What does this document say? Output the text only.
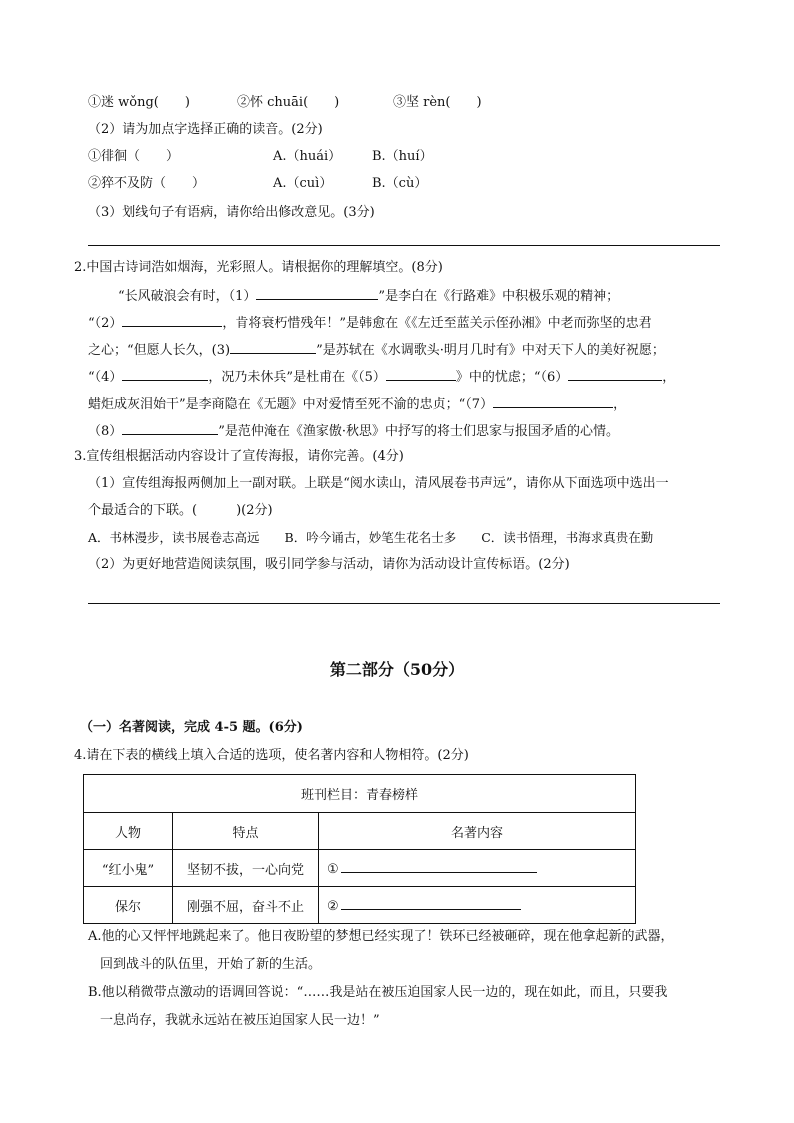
①迷 wǒng(　　)	②怀 chuāi(　　)	③坚 rèn(　　)
（2）请为加点字选择正确的读音。(2分)
①徘徊（　　）	A.（huái） B.（huí）
②猝不及防（　　）	A.（cuì）	B.（cù）
（3）划线句子有语病，请你给出修改意见。(3分)
2.中国古诗词浩如烟海，光彩照人。请根据你的理解填空。(8分)
“长风破浪会有时，（1）	”是李白在《行路难》中积极乐观的精神；
“（2）	，肯将衰朽惜残年！”是韩愈在《《左迁至蓝关示侄孙湘》中老而弥坚的忠君
之心；“但愿人长久，(3)	”是苏轼在《水调歌头·明月几时有》中对天下人的美好祝愿；
“（4）	，况乃未休兵”是杜甫在《（5）	》中的忧虑；“（6）	，
蜡炬成灰泪始干”是李商隐在《无题》中对爱情至死不渝的忠贞；“（7）	，
（8）	”是范仲淹在《渔家傲·秋思》中抒写的将士们思家与报国矛盾的心情。
3.宣传组根据活动内容设计了宣传海报，请你完善。(4分)
（1）宣传组海报两侧加上一副对联。上联是“阅水读山，清风展卷书声远”，请你从下面选项中选出一
个最适合的下联。(　　　)(2分)
A．书林漫步，读书展卷志高远　　B．吟今诵古，妙笔生花名士多　　C．读书悟理，书海求真贵在勤
（2）为更好地营造阅读氛围，吸引同学参与活动，请你为活动设计宣传标语。(2分)
第二部分（50分）
（一）名著阅读，完成 4-5 题。(6分)
4.请在下表的横线上填入合适的选项，使名著内容和人物相符。(2分)
班刊栏目：青春榜样		
人物	特点	名著内容
“红小鬼”	坚韧不拔，一心向党	①
保尔	刚强不屈，奋斗不止	②
A.他的心又怦怦地跳起来了。他日夜盼望的梦想已经实现了！铁环已经被砸碎，现在他拿起新的武器，
回到战斗的队伍里，开始了新的生活。
B.他以稍微带点激动的语调回答说：“……我是站在被压迫国家人民一边的，现在如此，而且，只要我
一息尚存，我就永远站在被压迫国家人民一边！”
